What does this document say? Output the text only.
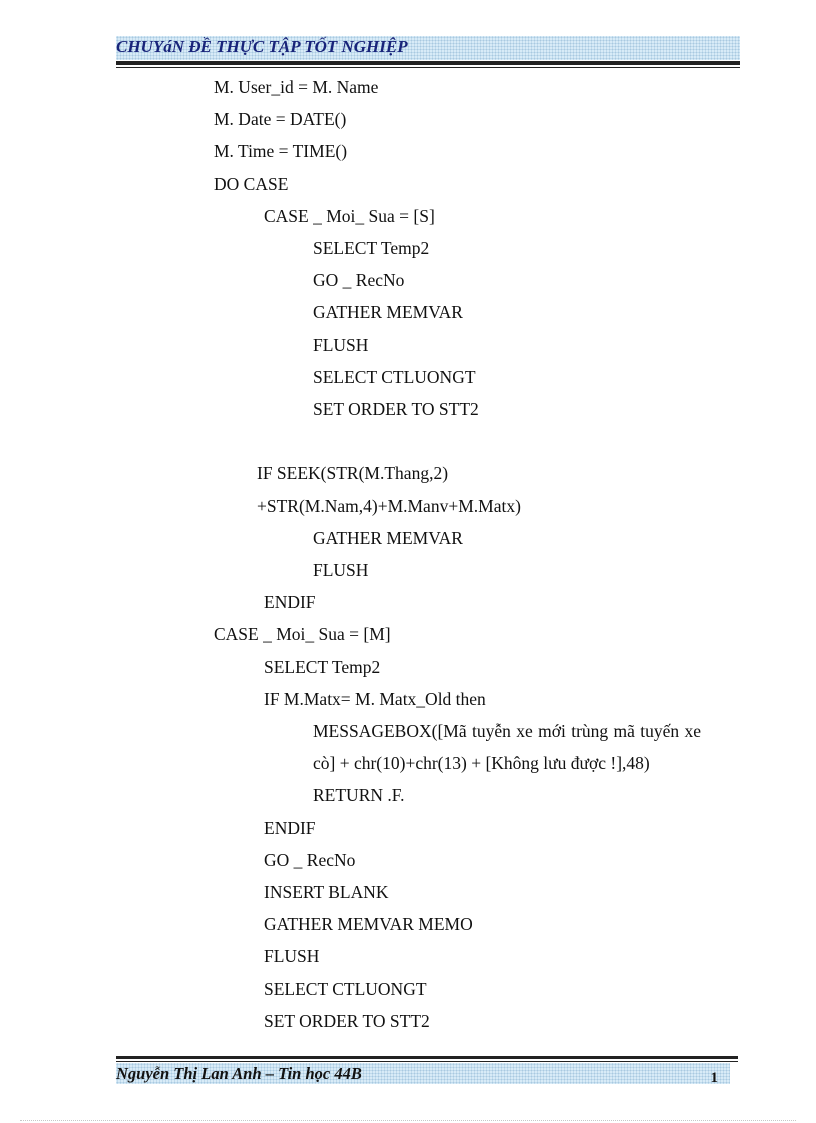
CHUYáN ĐỀ THỰC TẬP TỐT NGHIỆP
M. User_id = M. Name
M. Date = DATE()
M. Time = TIME()
DO CASE
CASE _ Moi_ Sua = [S]
SELECT Temp2
GO _ RecNo
GATHER MEMVAR
FLUSH
SELECT CTLUONGT
SET ORDER TO STT2
IF SEEK(STR(M.Thang,2)
+STR(M.Nam,4)+M.Manv+M.Matx)
GATHER MEMVAR
FLUSH
ENDIF
CASE _ Moi_ Sua = [M]
SELECT Temp2
IF M.Matx= M. Matx_Old then
MESSAGEBOX([Mã tuyễn xe mới trùng mã tuyến xe
cò] + chr(10)+chr(13) + [Không lưu được !],48)
RETURN .F.
ENDIF
GO _ RecNo
INSERT BLANK
GATHER MEMVAR MEMO
FLUSH
SELECT CTLUONGT
SET ORDER TO STT2
Nguyễn Thị Lan Anh – Tin học 44B	1
